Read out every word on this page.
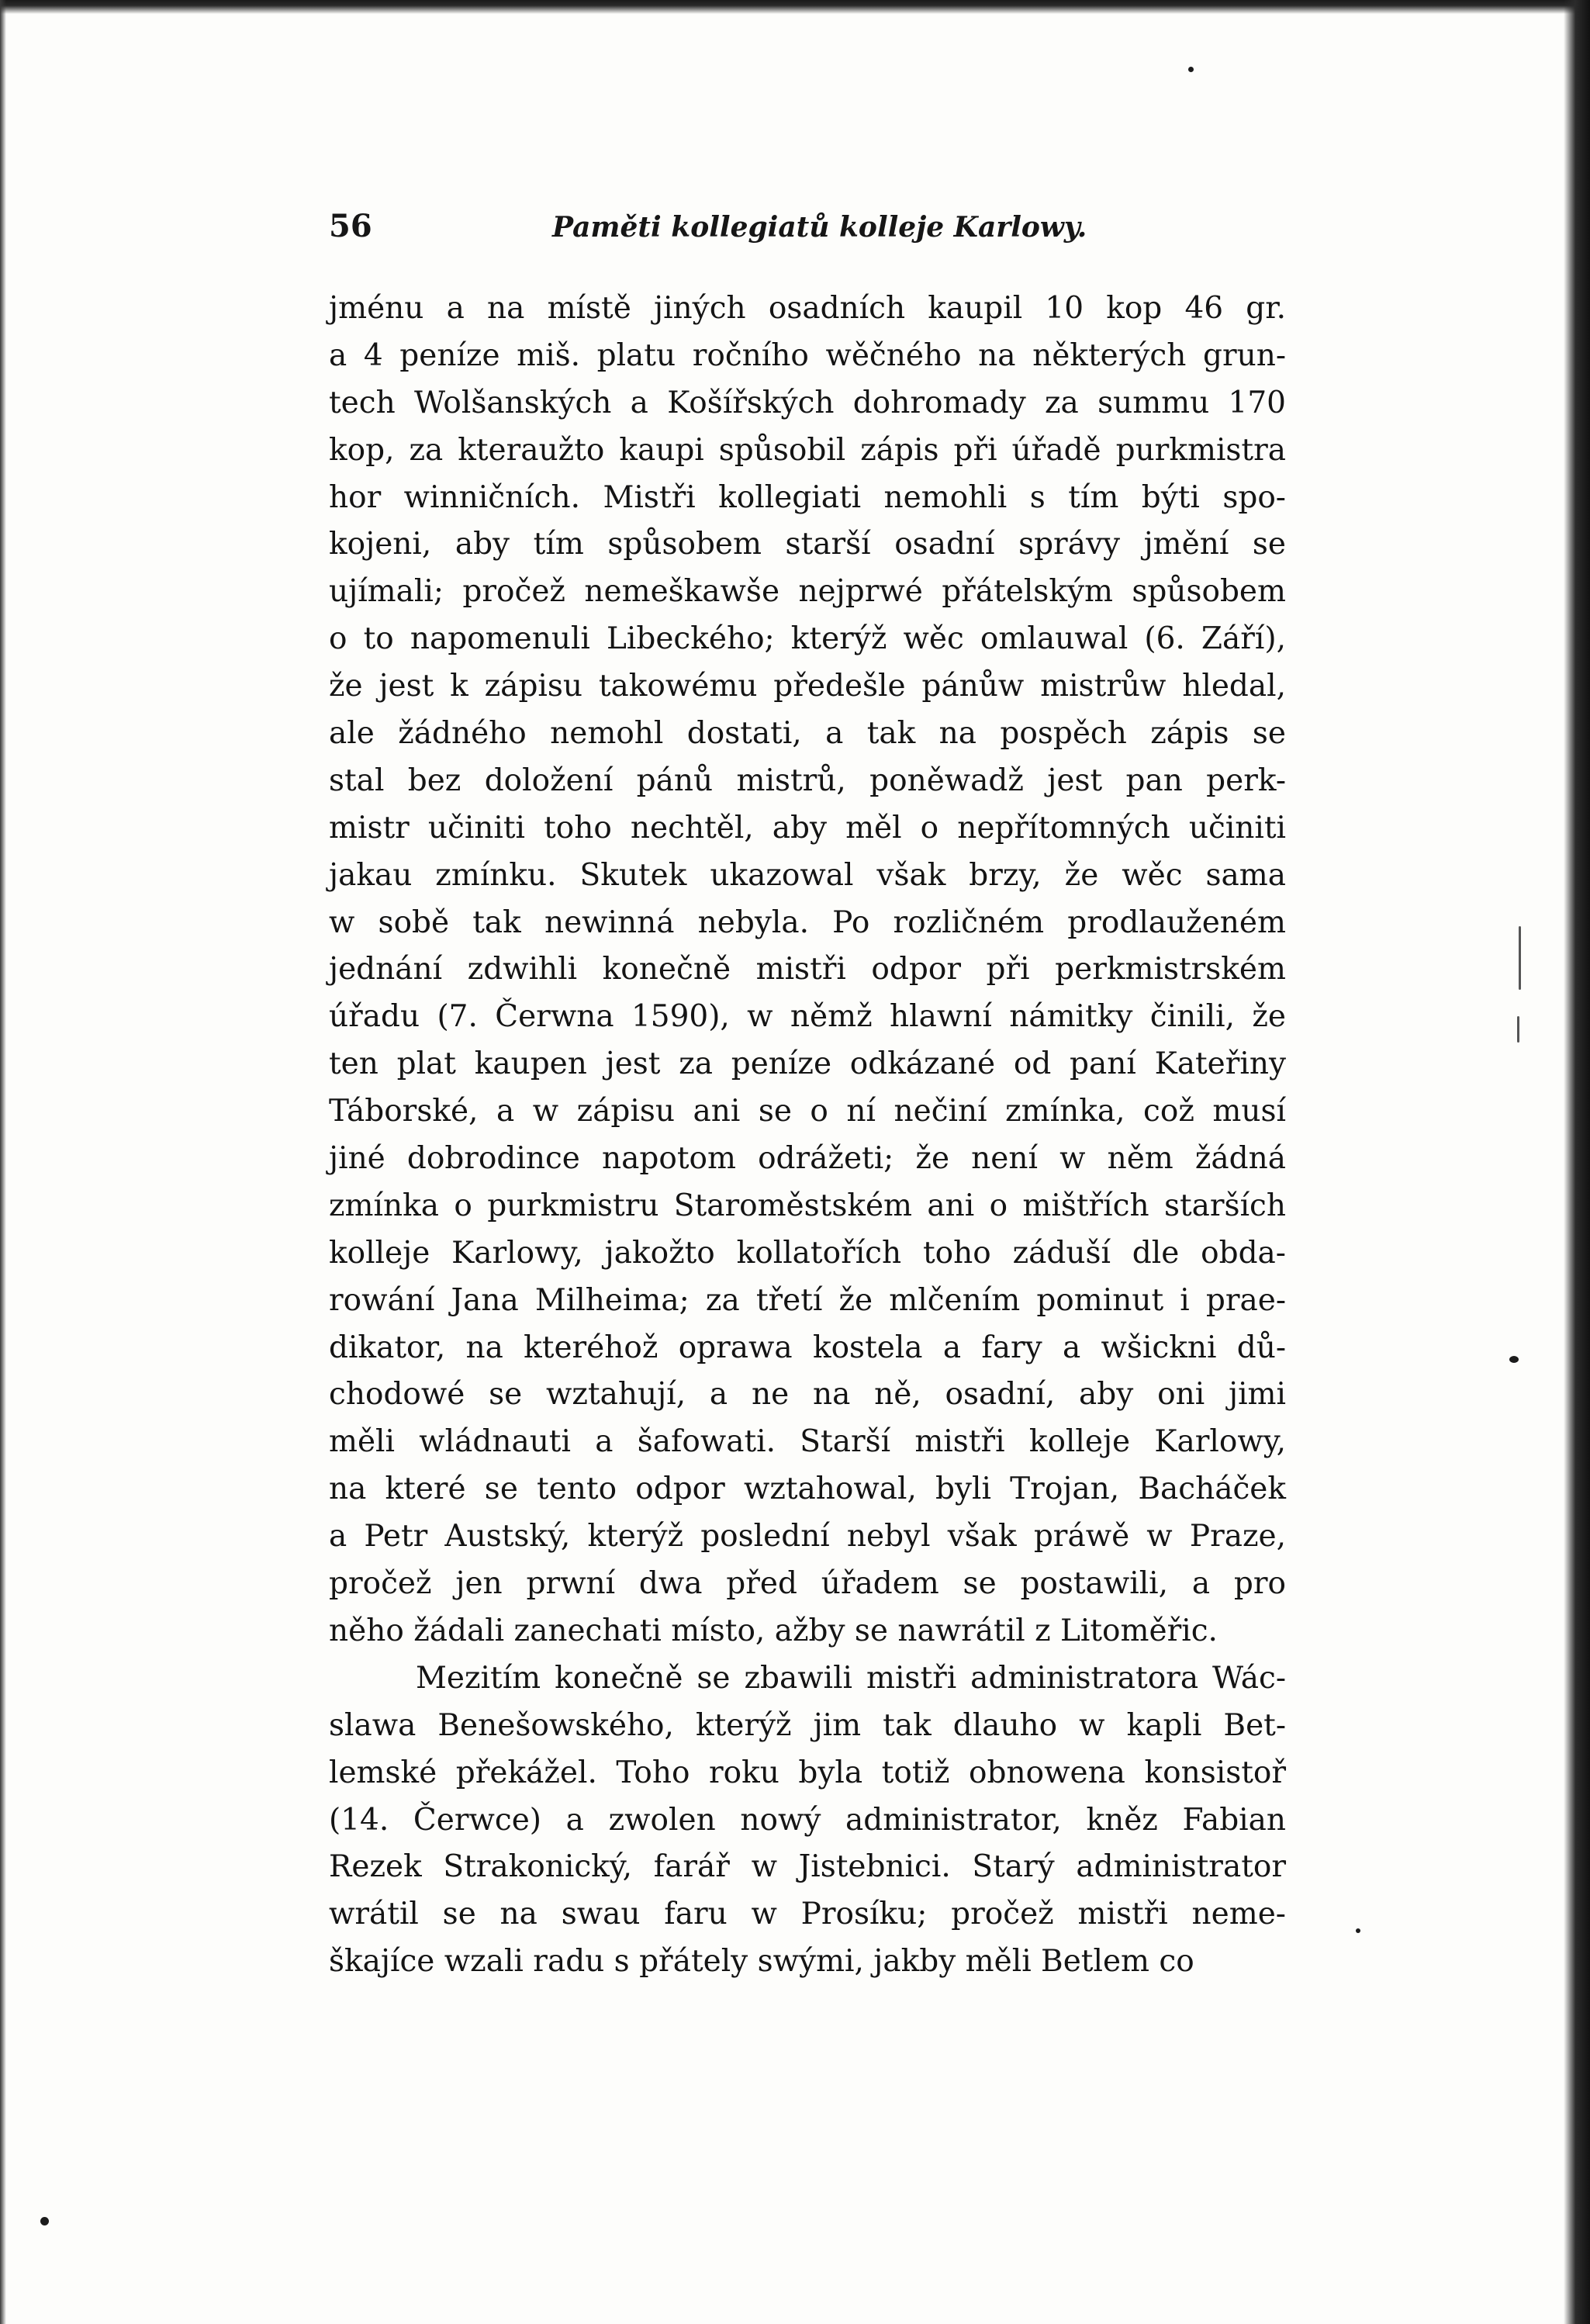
56	Paměti kollegiatů kolleje Karlowy.
jménu a na místě jiných osadních kaupil 10 kop 46 gr.
a 4 peníze miš. platu ročního wěčného na některých grun-
tech Wolšanských a Košířských dohromady za summu 170
kop, za kteraužto kaupi spůsobil zápis při úřadě purkmistra
hor winničních. Mistři kollegiati nemohli s tím býti spo-
kojeni, aby tím spůsobem starší osadní správy jmění se
ujímali; pročež nemeškawše nejprwé přátelským spůsobem
o to napomenuli Libeckého; kterýž wěc omlauwal (6. Září),
že jest k zápisu takowému předešle pánůw mistrůw hledal,
ale žádného nemohl dostati, a tak na pospěch zápis se
stal bez doložení pánů mistrů, poněwadž jest pan perk-
mistr učiniti toho nechtěl, aby měl o nepřítomných učiniti
jakau zmínku. Skutek ukazowal však brzy, že wěc sama
w sobě tak newinná nebyla. Po rozličném prodlauženém
jednání zdwihli konečně mistři odpor při perkmistrském
úřadu (7. Čerwna 1590), w němž hlawní námitky činili, že
ten plat kaupen jest za peníze odkázané od paní Kateřiny
Táborské, a w zápisu ani se o ní nečiní zmínka, což musí
jiné dobrodince napotom odrážeti; že není w něm žádná
zmínka o purkmistru Staroměstském ani o mištřích starších
kolleje Karlowy, jakožto kollatořích toho záduší dle obda-
rowání Jana Milheima; za třetí že mlčením pominut i prae-
dikator, na kteréhož oprawa kostela a fary a wšickni dů-
chodowé se wztahují, a ne na ně, osadní, aby oni jimi
měli wládnauti a šafowati. Starší mistři kolleje Karlowy,
na které se tento odpor wztahowal, byli Trojan, Bacháček
a Petr Austský, kterýž poslední nebyl však práwě w Praze,
pročež jen prwní dwa před úřadem se postawili, a pro
něho žádali zanechati místo, ažby se nawrátil z Litoměřic.
Mezitím konečně se zbawili mistři administratora Wác-
slawa Benešowského, kterýž jim tak dlauho w kapli Bet-
lemské překážel. Toho roku byla totiž obnowena konsistoř
(14. Čerwce) a zwolen nowý administrator, kněz Fabian
Rezek Strakonický, farář w Jistebnici. Starý administrator
wrátil se na swau faru w Prosíku; pročež mistři neme-
škajíce wzali radu s přátely swými, jakby měli Betlem co
